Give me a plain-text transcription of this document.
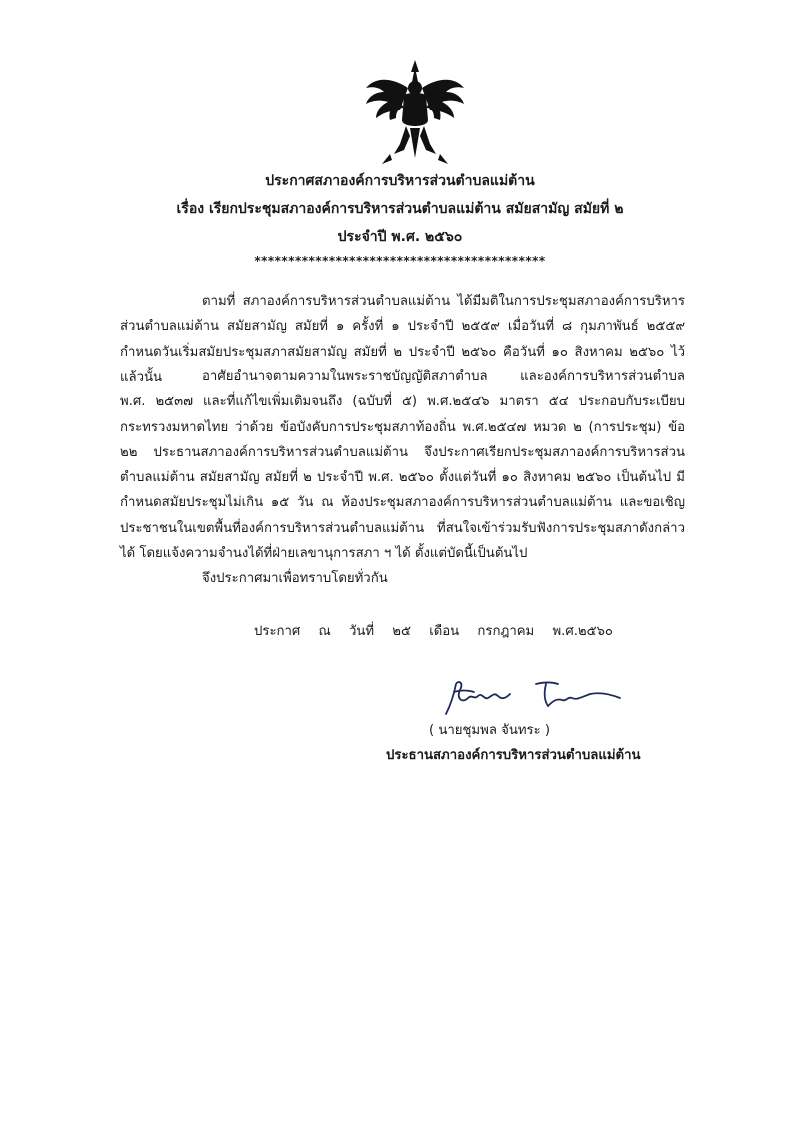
ประกาศสภาองค์การบริหารส่วนตำบลแม่ต้าน
เรื่อง เรียกประชุมสภาองค์การบริหารส่วนตำบลแม่ต้าน สมัยสามัญ สมัยที่ ๒
ประจำปี พ.ศ. ๒๕๖๐
*******************************************

ตามที่ สภาองค์การบริหารส่วนตำบลแม่ต้าน ได้มีมติในการประชุมสภาองค์การบริหารส่วนตำบลแม่ต้าน สมัยสามัญ สมัยที่ ๑ ครั้งที่ ๑ ประจำปี ๒๕๕๙ เมื่อวันที่ ๘ กุมภาพันธ์ ๒๕๕๙ กำหนดวันเริ่มสมัยประชุมสภาสมัยสามัญ สมัยที่ ๒ ประจำปี ๒๕๖๐ คือวันที่ ๑๐ สิงหาคม ๒๕๖๐ ไว้แล้วนั้น	อาศัยอำนาจตามความในพระราชบัญญัติสภาตำบล และองค์การบริหารส่วนตำบล พ.ศ. ๒๕๓๗ และที่แก้ไขเพิ่มเติมจนถึง (ฉบับที่ ๕) พ.ศ.๒๕๔๖ มาตรา ๕๔ ประกอบกับระเบียบกระทรวงมหาดไทย ว่าด้วย ข้อบังคับการประชุมสภาท้องถิ่น พ.ศ.๒๕๔๗ หมวด ๒ (การประชุม) ข้อ ๒๒ ประธานสภาองค์การบริหารส่วนตำบลแม่ต้าน จึงประกาศเรียกประชุมสภาองค์การบริหารส่วนตำบลแม่ต้าน สมัยสามัญ สมัยที่ ๒ ประจำปี พ.ศ. ๒๕๖๐ ตั้งแต่วันที่ ๑๐ สิงหาคม ๒๕๖๐ เป็นต้นไป มีกำหนดสมัยประชุมไม่เกิน ๑๕ วัน ณ ห้องประชุมสภาองค์การบริหารส่วนตำบลแม่ต้าน และขอเชิญประชาชนในเขตพื้นที่องค์การบริหารส่วนตำบลแม่ต้าน ที่สนใจเข้าร่วมรับฟังการประชุมสภาดังกล่าวได้ โดยแจ้งความจำนงได้ที่ฝ่ายเลขานุการสภา ฯ ได้ ตั้งแต่บัดนี้เป็นต้นไป

จึงประกาศมาเพื่อทราบโดยทั่วกัน
ประกาศ ณ วันที่ ๒๕ เดือน กรกฎาคม พ.ศ.๒๕๖๐
( นายชุมพล จันทระ )
ประธานสภาองค์การบริหารส่วนตำบลแม่ต้าน
